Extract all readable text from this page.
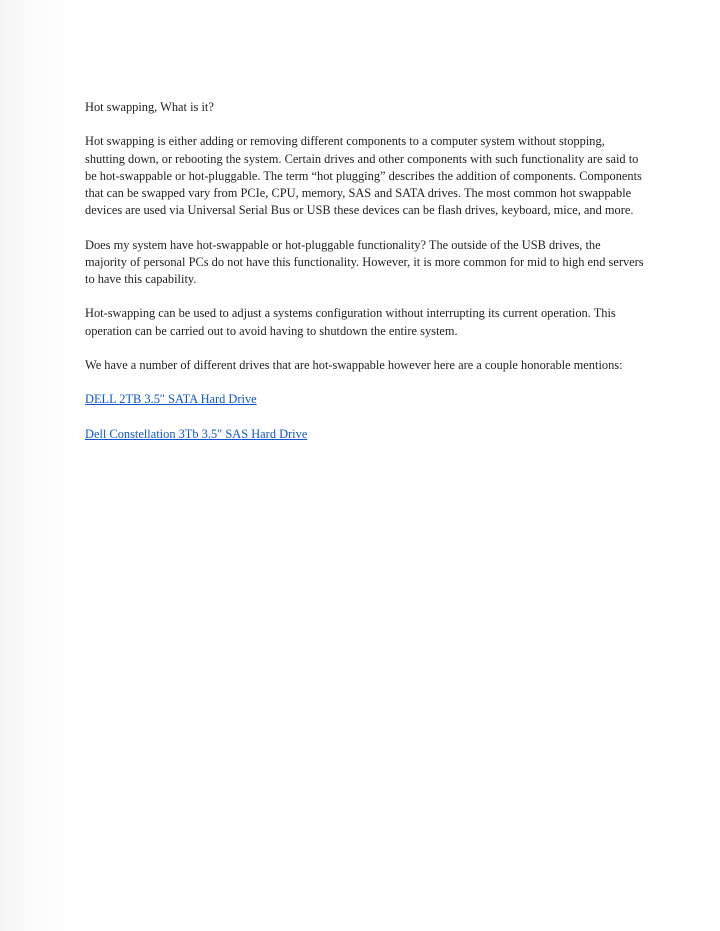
Hot swapping, What is it?

Hot swapping is either adding or removing different components to a computer system without stopping, shutting down, or rebooting the system. Certain drives and other components with such functionality are said to be hot-swappable or hot-pluggable. The term “hot plugging” describes the addition of components. Components that can be swapped vary from PCIe, CPU, memory, SAS and SATA drives. The most common hot swappable devices are used via Universal Serial Bus or USB these devices can be flash drives, keyboard, mice, and more.

Does my system have hot-swappable or hot-pluggable functionality? The outside of the USB drives, the majority of personal PCs do not have this functionality. However, it is more common for mid to high end servers to have this capability.

Hot-swapping can be used to adjust a systems configuration without interrupting its current operation. This operation can be carried out to avoid having to shutdown the entire system.

We have a number of different drives that are hot-swappable however here are a couple honorable mentions:

DELL 2TB 3.5″ SATA Hard Drive

Dell Constellation 3Tb 3.5″ SAS Hard Drive
